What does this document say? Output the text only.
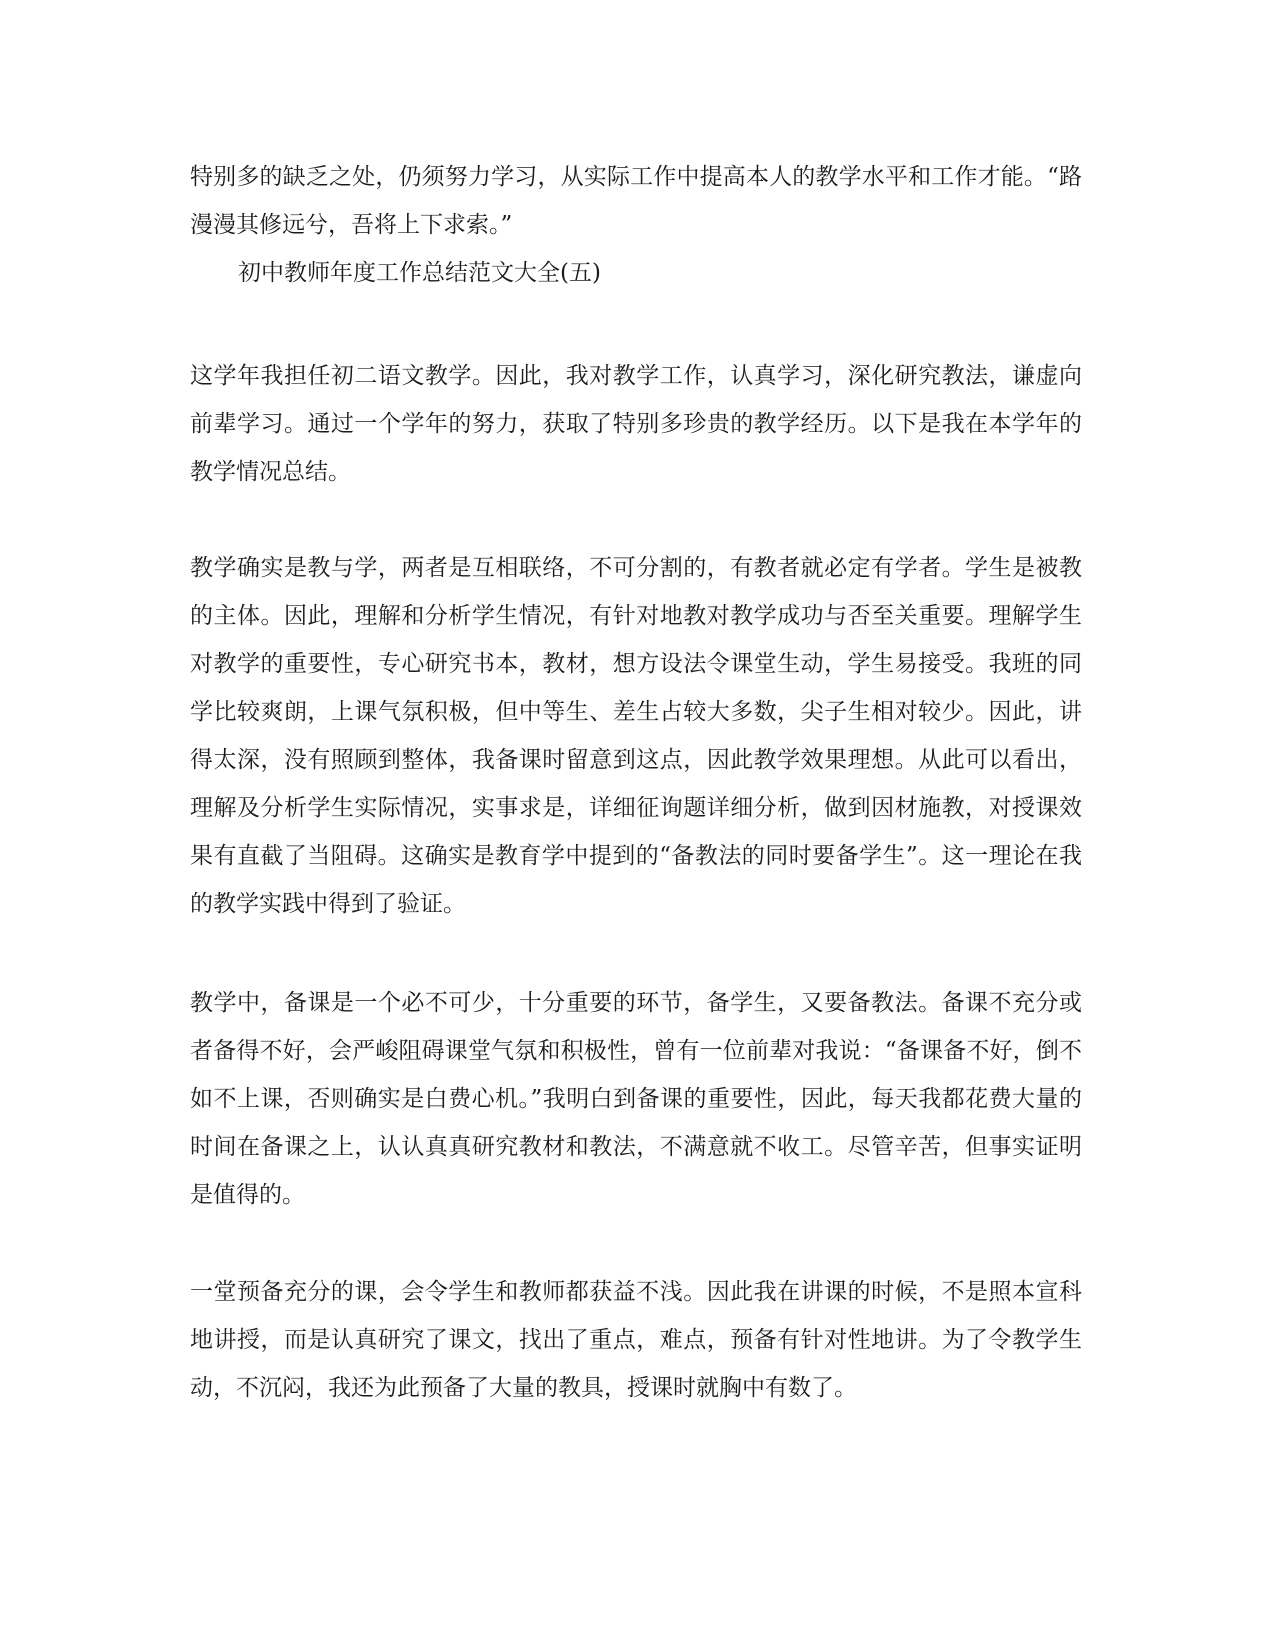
特别多的缺乏之处，仍须努力学习，从实际工作中提高本人的教学水平和工作才能。“路漫漫其修远兮，吾将上下求索。”

初中教师年度工作总结范文大全(五)

这学年我担任初二语文教学。因此，我对教学工作，认真学习，深化研究教法，谦虚向前辈学习。通过一个学年的努力，获取了特别多珍贵的教学经历。以下是我在本学年的教学情况总结。

教学确实是教与学，两者是互相联络，不可分割的，有教者就必定有学者。学生是被教的主体。因此，理解和分析学生情况，有针对地教对教学成功与否至关重要。理解学生对教学的重要性，专心研究书本，教材，想方设法令课堂生动，学生易接受。我班的同学比较爽朗，上课气氛积极，但中等生、差生占较大多数，尖子生相对较少。因此，讲得太深，没有照顾到整体，我备课时留意到这点，因此教学效果理想。从此可以看出，理解及分析学生实际情况，实事求是，详细征询题详细分析，做到因材施教，对授课效果有直截了当阻碍。这确实是教育学中提到的“备教法的同时要备学生”。这一理论在我的教学实践中得到了验证。

教学中，备课是一个必不可少，十分重要的环节，备学生，又要备教法。备课不充分或者备得不好，会严峻阻碍课堂气氛和积极性，曾有一位前辈对我说：“备课备不好，倒不如不上课，否则确实是白费心机。”我明白到备课的重要性，因此，每天我都花费大量的时间在备课之上，认认真真研究教材和教法，不满意就不收工。尽管辛苦，但事实证明是值得的。

一堂预备充分的课，会令学生和教师都获益不浅。因此我在讲课的时候，不是照本宣科地讲授，而是认真研究了课文，找出了重点，难点，预备有针对性地讲。为了令教学生动，不沉闷，我还为此预备了大量的教具，授课时就胸中有数了。
